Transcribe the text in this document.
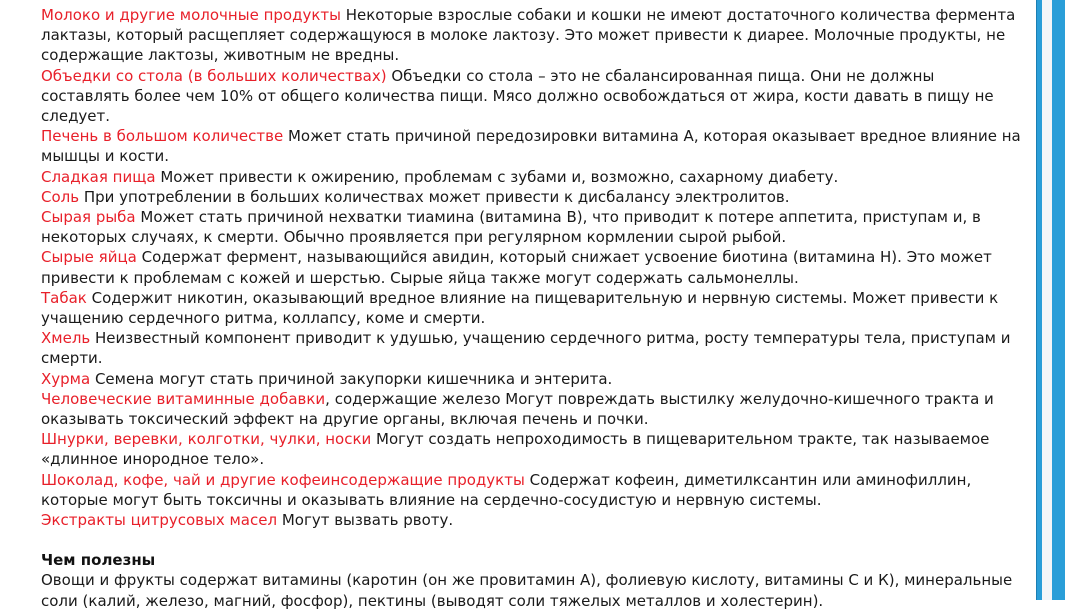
Молоко и другие молочные продукты Некоторые взрослые собаки и кошки не имеют достаточного количества фермента лактазы, который расщепляет содержащуюся в молоке лактозу. Это может привести к диарее. Молочные продукты, не содержащие лактозы, животным не вредны.
Объедки со стола (в больших количествах) Объедки со стола – это не сбалансированная пища. Они не должны составлять более чем 10% от общего количества пищи. Мясо должно освобождаться от жира, кости давать в пищу не следует.
Печень в большом количестве Может стать причиной передозировки витамина А, которая оказывает вредное влияние на мышцы и кости.
Сладкая пища Может привести к ожирению, проблемам с зубами и, возможно, сахарному диабету.
Соль При употреблении в больших количествах может привести к дисбалансу электролитов.
Сырая рыба Может стать причиной нехватки тиамина (витамина В), что приводит к потере аппетита, приступам и, в некоторых случаях, к смерти. Обычно проявляется при регулярном кормлении сырой рыбой.
Сырые яйца Содержат фермент, называющийся авидин, который снижает усвоение биотина (витамина Н). Это может привести к проблемам с кожей и шерстью. Сырые яйца также могут содержать сальмонеллы.
Табак Содержит никотин, оказывающий вредное влияние на пищеварительную и нервную системы. Может привести к учащению сердечного ритма, коллапсу, коме и смерти.
Хмель Неизвестный компонент приводит к удушью, учащению сердечного ритма, росту температуры тела, приступам и смерти.
Хурма Семена могут стать причиной закупорки кишечника и энтерита.
Человеческие витаминные добавки, содержащие железо Могут повреждать выстилку желудочно-кишечного тракта и оказывать токсический эффект на другие органы, включая печень и почки.
Шнурки, веревки, колготки, чулки, носки Могут создать непроходимость в пищеварительном тракте, так называемое «длинное инородное тело».
Шоколад, кофе, чай и другие кофеинсодержащие продукты Содержат кофеин, диметилксантин или аминофиллин, которые могут быть токсичны и оказывать влияние на сердечно-сосудистую и нервную системы.
Экстракты цитрусовых масел Могут вызвать рвоту.
Чем полезны
Овощи и фрукты содержат витамины (каротин (он же провитамин А), фолиевую кислоту, витамины С и К), минеральные соли (калий, железо, магний, фосфор), пектины (выводят соли тяжелых металлов и холестерин).
